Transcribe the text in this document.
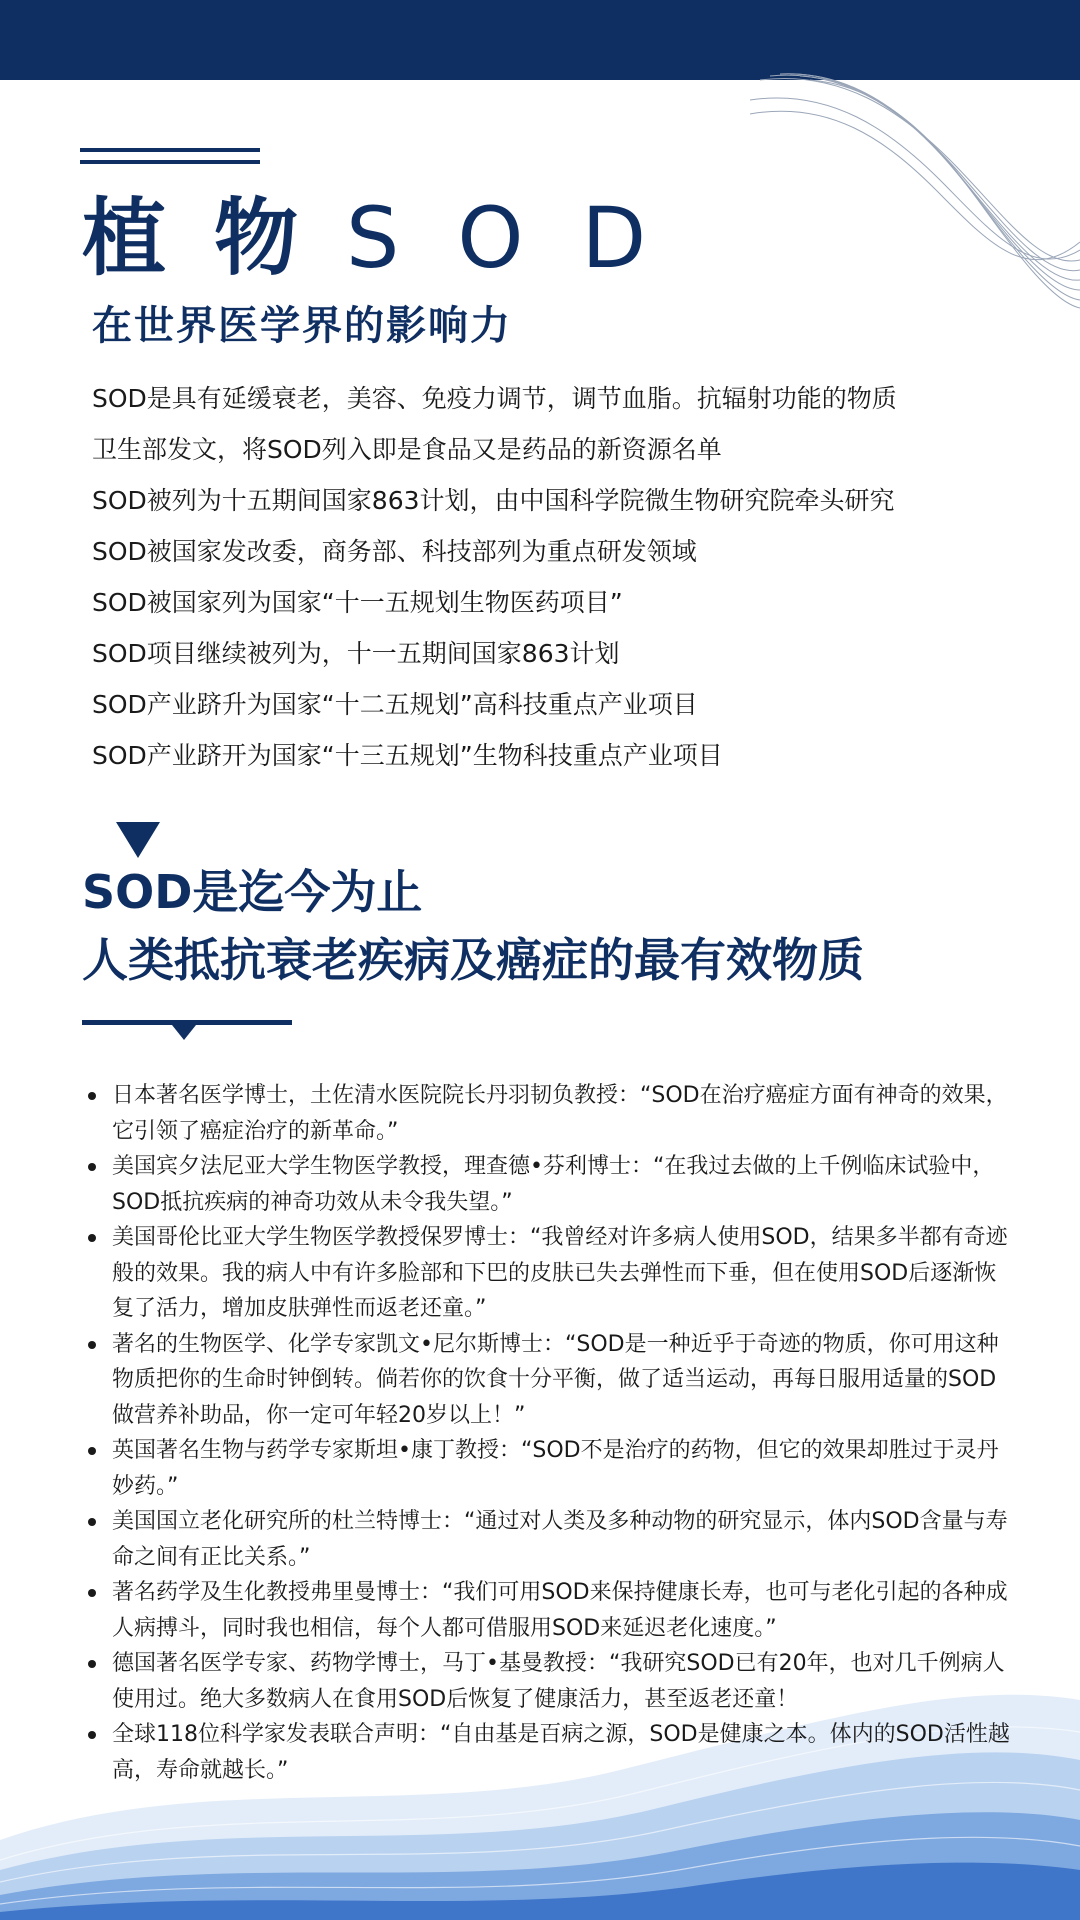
植物SOD
在世界医学界的影响力
SOD是具有延缓衰老，美容、免疫力调节，调节血脂。抗辐射功能的物质
卫生部发文，将SOD列入即是食品又是药品的新资源名单
SOD被列为十五期间国家863计划，由中国科学院微生物研究院牵头研究
SOD被国家发改委，商务部、科技部列为重点研发领域
SOD被国家列为国家“十一五规划生物医药项目”
SOD项目继续被列为，十一五期间国家863计划
SOD产业跻升为国家“十二五规划”高科技重点产业项目
SOD产业跻开为国家“十三五规划”生物科技重点产业项目
SOD是迄今为止
人类抵抗衰老疾病及癌症的最有效物质
日本著名医学博士，土佐清水医院院长丹羽韧负教授：“SOD在治疗癌症方面有神奇的效果，它引领了癌症治疗的新革命。”
美国宾夕法尼亚大学生物医学教授，理查德•芬利博士：“在我过去做的上千例临床试验中，SOD抵抗疾病的神奇功效从未令我失望。”
美国哥伦比亚大学生物医学教授保罗博士：“我曾经对许多病人使用SOD，结果多半都有奇迹般的效果。我的病人中有许多脸部和下巴的皮肤已失去弹性而下垂，但在使用SOD后逐渐恢复了活力，增加皮肤弹性而返老还童。”
著名的生物医学、化学专家凯文•尼尔斯博士：“SOD是一种近乎于奇迹的物质，你可用这种物质把你的生命时钟倒转。倘若你的饮食十分平衡，做了适当运动，再每日服用适量的SOD做营养补助品，你一定可年轻20岁以上！”
英国著名生物与药学专家斯坦•康丁教授：“SOD不是治疗的药物，但它的效果却胜过于灵丹妙药。”
美国国立老化研究所的杜兰特博士：“通过对人类及多种动物的研究显示，体内SOD含量与寿命之间有正比关系。”
著名药学及生化教授弗里曼博士：“我们可用SOD来保持健康长寿，也可与老化引起的各种成人病搏斗，同时我也相信，每个人都可借服用SOD来延迟老化速度。”
德国著名医学专家、药物学博士，马丁•基曼教授：“我研究SOD已有20年，也对几千例病人使用过。绝大多数病人在食用SOD后恢复了健康活力，甚至返老还童！
全球118位科学家发表联合声明：“自由基是百病之源，SOD是健康之本。体内的SOD活性越高，寿命就越长。”
